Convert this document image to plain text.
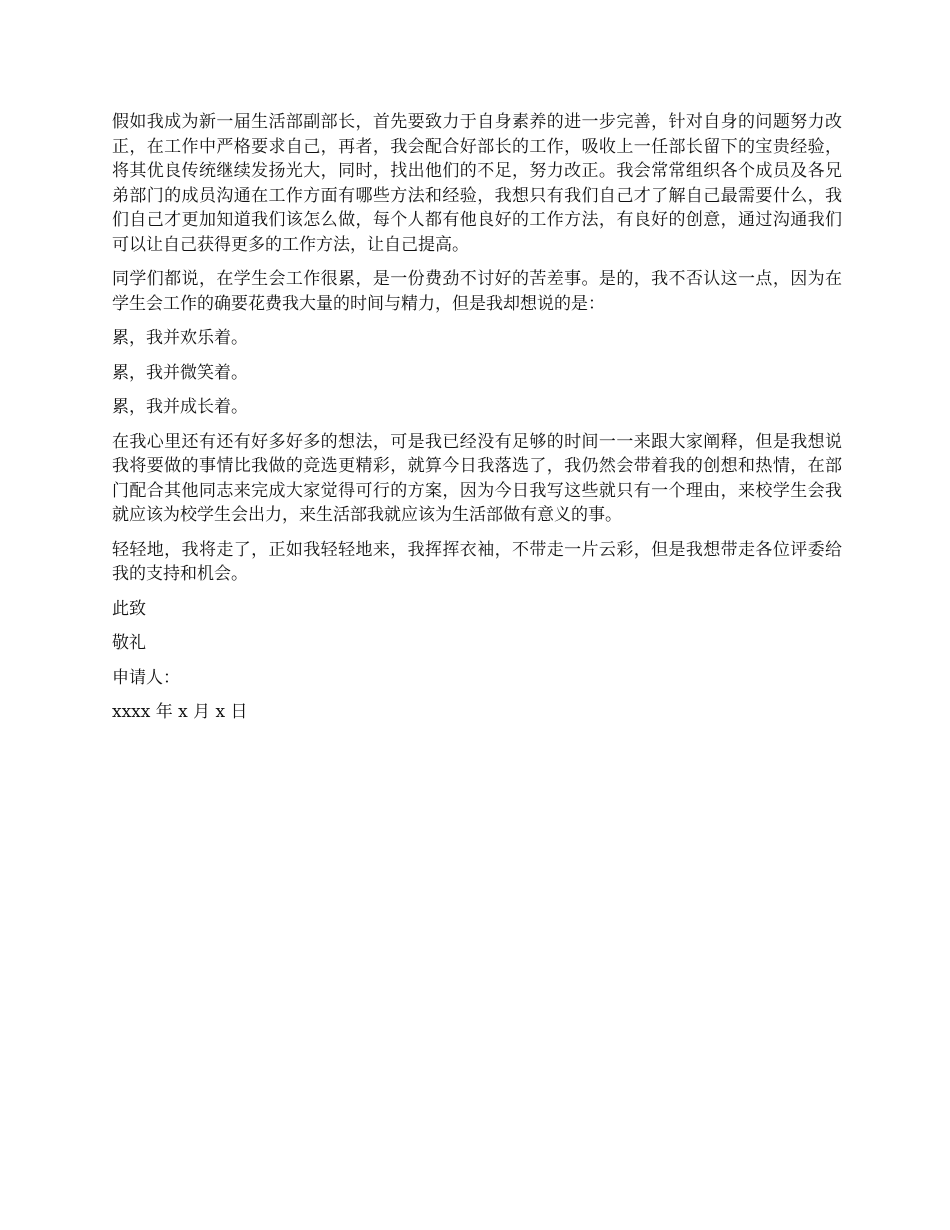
假如我成为新一届生活部副部长，首先要致力于自身素养的进一步完善，针对自身的问题努力改正，在工作中严格要求自己，再者，我会配合好部长的工作，吸收上一任部长留下的宝贵经验，将其优良传统继续发扬光大，同时，找出他们的不足，努力改正。我会常常组织各个成员及各兄弟部门的成员沟通在工作方面有哪些方法和经验，我想只有我们自己才了解自己最需要什么，我们自己才更加知道我们该怎么做，每个人都有他良好的工作方法，有良好的创意，通过沟通我们可以让自己获得更多的工作方法，让自己提高。

同学们都说，在学生会工作很累，是一份费劲不讨好的苦差事。是的，我不否认这一点，因为在学生会工作的确要花费我大量的时间与精力，但是我却想说的是：

累，我并欢乐着。

累，我并微笑着。

累，我并成长着。

在我心里还有还有好多好多的想法，可是我已经没有足够的时间一一来跟大家阐释，但是我想说我将要做的事情比我做的竞选更精彩，就算今日我落选了，我仍然会带着我的创想和热情，在部门配合其他同志来完成大家觉得可行的方案，因为今日我写这些就只有一个理由，来校学生会我就应该为校学生会出力，来生活部我就应该为生活部做有意义的事。

轻轻地，我将走了，正如我轻轻地来，我挥挥衣袖，不带走一片云彩，但是我想带走各位评委给我的支持和机会。

此致

敬礼

申请人：

xxxx 年 x 月 x 日
